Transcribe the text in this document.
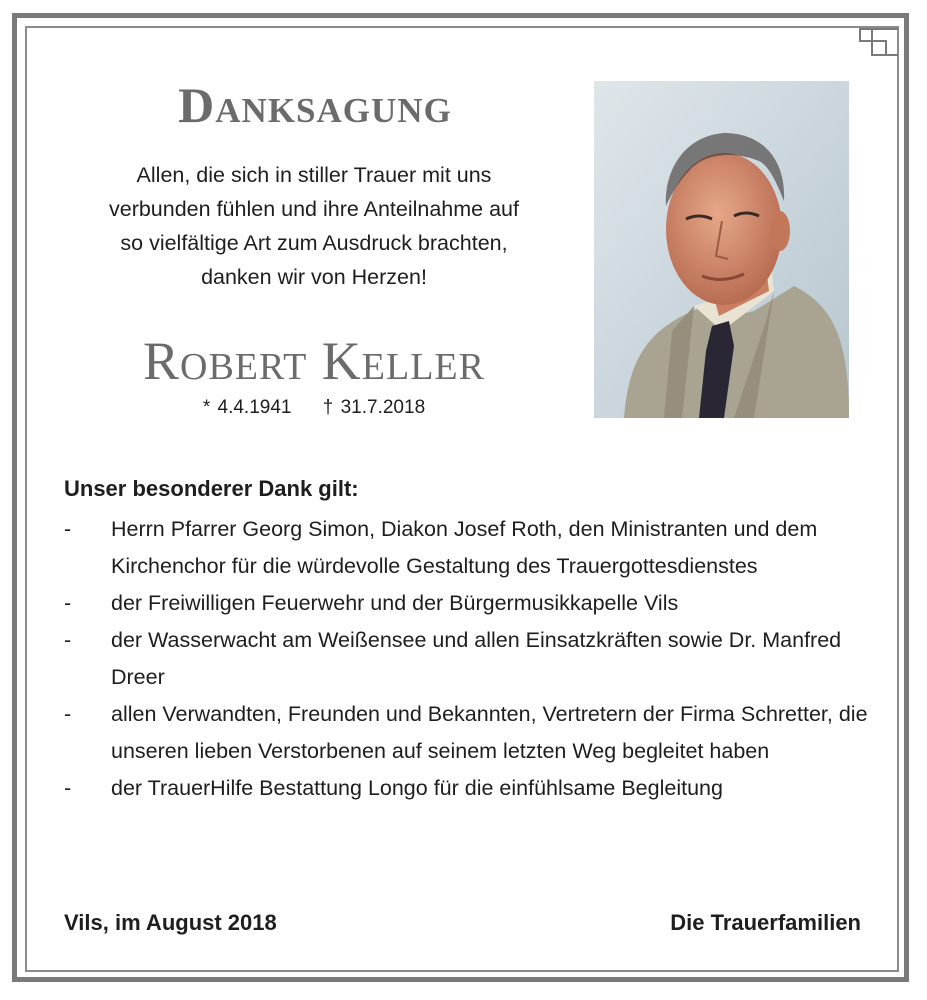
Danksagung

Allen, die sich in stiller Trauer mit uns

verbunden fühlen und ihre Anteilnahme auf

so vielfältige Art zum Ausdruck brachten,

danken wir von Herzen!

Robert Keller
* 4.4.1941 † 31.7.2018
Unser besonderer Dank gilt:
- Herrn Pfarrer Georg Simon, Diakon Josef Roth, den Ministranten und dem Kirchenchor für die würdevolle Gestaltung des Trauergottesdienstes
- der Freiwilligen Feuerwehr und der Bürgermusikkapelle Vils
- der Wasserwacht am Weißensee und allen Einsatzkräften sowie Dr. Manfred Dreer
- allen Verwandten, Freunden und Bekannten, Vertretern der Firma Schretter, die unseren lieben Verstorbenen auf seinem letzten Weg begleitet haben
- der TrauerHilfe Bestattung Longo für die einfühlsame Begleitung
Vils, im August 2018	Die Trauerfamilien
